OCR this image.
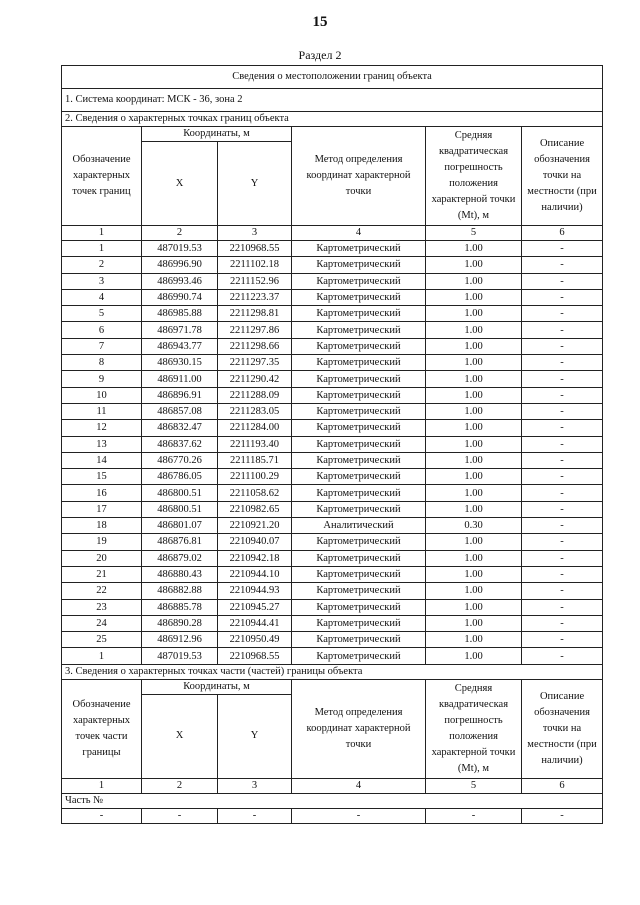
15
Раздел 2
Сведения о местоположении границ объекта					
1. Система координат: МСК - 36, зона 2					
2. Сведения о характерных точках границ объекта					
Обозначение характерных точек границ	Координаты, м		Метод определения координат характерной точки	Средняя квадратическая погрешность положения характерной точки (Mt), м	Описание обозначения точки на местности (при наличии)
	X	Y			
1	2	3	4	5	6
1	487019.53	2210968.55	Картометрический	1.00	-
2	486996.90	2211102.18	Картометрический	1.00	-
3	486993.46	2211152.96	Картометрический	1.00	-
4	486990.74	2211223.37	Картометрический	1.00	-
5	486985.88	2211298.81	Картометрический	1.00	-
6	486971.78	2211297.86	Картометрический	1.00	-
7	486943.77	2211298.66	Картометрический	1.00	-
8	486930.15	2211297.35	Картометрический	1.00	-
9	486911.00	2211290.42	Картометрический	1.00	-
10	486896.91	2211288.09	Картометрический	1.00	-
11	486857.08	2211283.05	Картометрический	1.00	-
12	486832.47	2211284.00	Картометрический	1.00	-
13	486837.62	2211193.40	Картометрический	1.00	-
14	486770.26	2211185.71	Картометрический	1.00	-
15	486786.05	2211100.29	Картометрический	1.00	-
16	486800.51	2211058.62	Картометрический	1.00	-
17	486800.51	2210982.65	Картометрический	1.00	-
18	486801.07	2210921.20	Аналитический	0.30	-
19	486876.81	2210940.07	Картометрический	1.00	-
20	486879.02	2210942.18	Картометрический	1.00	-
21	486880.43	2210944.10	Картометрический	1.00	-
22	486882.88	2210944.93	Картометрический	1.00	-
23	486885.78	2210945.27	Картометрический	1.00	-
24	486890.28	2210944.41	Картометрический	1.00	-
25	486912.96	2210950.49	Картометрический	1.00	-
1	487019.53	2210968.55	Картометрический	1.00	-
3. Сведения о характерных точках части (частей) границы объекта					
Обозначение характерных точек части границы	Координаты, м		Метод определения координат характерной точки	Средняя квадратическая погрешность положения характерной точки (Mt), м	Описание обозначения точки на местности (при наличии)
	X	Y			
1	2	3	4	5	6
Часть №					
-	-	-	-	-	-
